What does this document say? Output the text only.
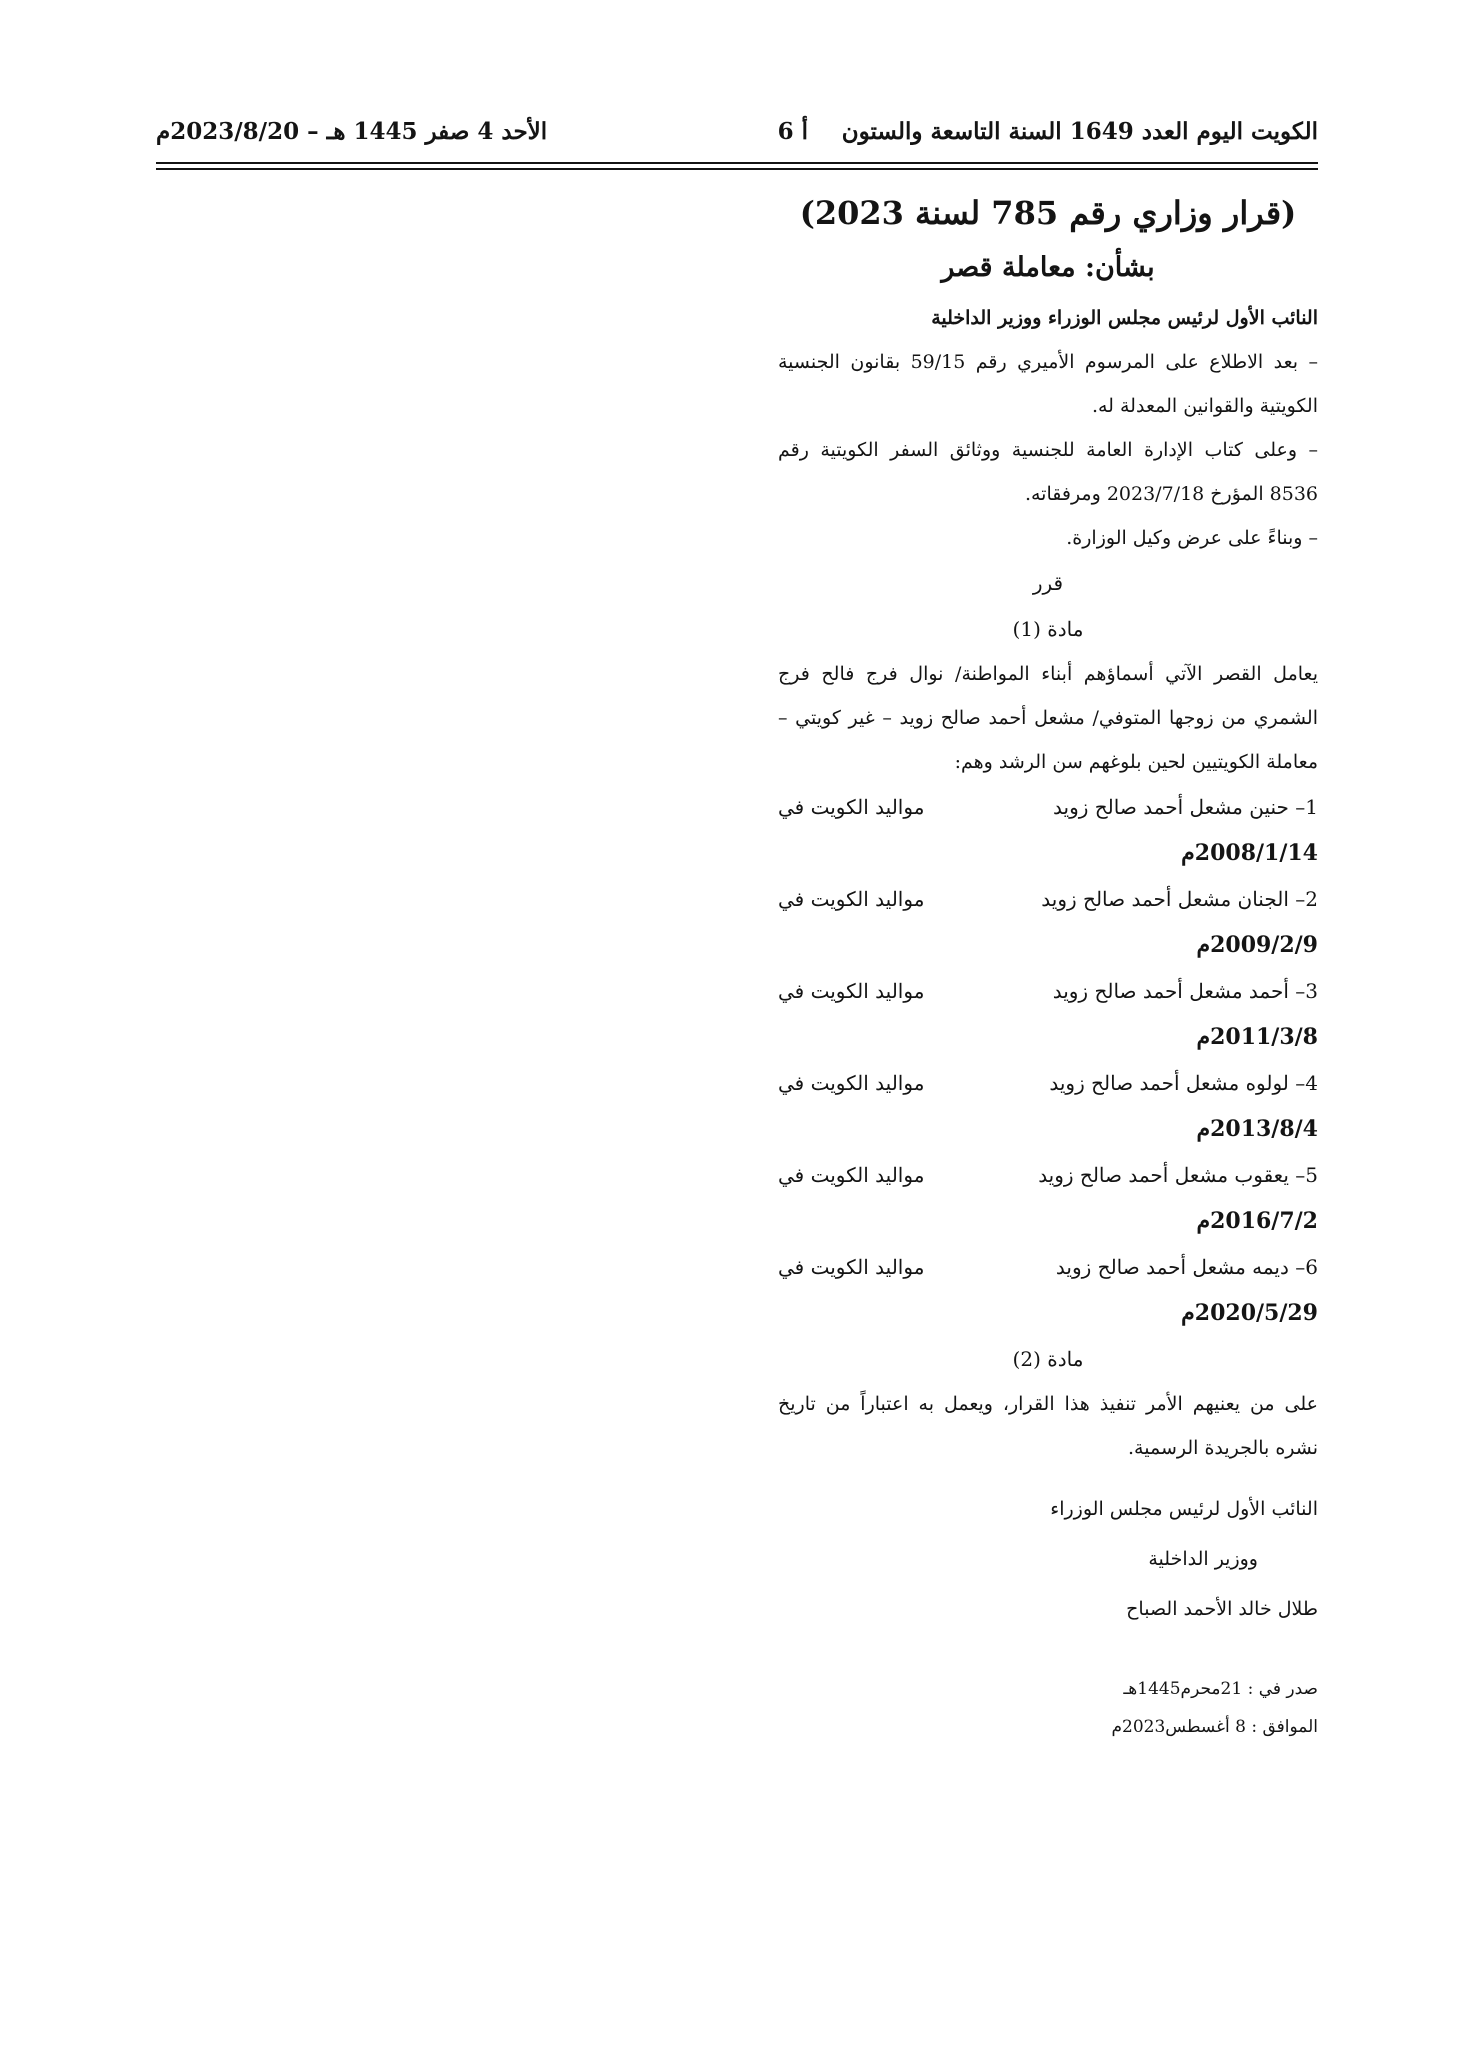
الكويت اليوم العدد 1649 السنة التاسعة والستون
أ 6
الأحد 4 صفر 1445 هـ – 2023/8/20م

(قرار وزاري رقم 785 لسنة 2023)

بشأن: معاملة قصر

النائب الأول لرئيس مجلس الوزراء ووزير الداخلية

– بعد الاطلاع على المرسوم الأميري رقم 59/15 بقانون الجنسية الكويتية والقوانين المعدلة له.

– وعلى كتاب الإدارة العامة للجنسية ووثائق السفر الكويتية رقم 8536 المؤرخ 2023/7/18 ومرفقاته.

– وبناءً على عرض وكيل الوزارة.

قرر

مادة (1)

يعامل القصر الآتي أسماؤهم أبناء المواطنة/ نوال فرج فالح فرج الشمري من زوجها المتوفي/ مشعل أحمد صالح زويد – غير كويتي – معاملة الكويتيين لحين بلوغهم سن الرشد وهم:

1– حنين مشعل أحمد صالح زويد
مواليد الكويت في

2008/1/14م

2– الجنان مشعل أحمد صالح زويد
مواليد الكويت في

2009/2/9م

3– أحمد مشعل أحمد صالح زويد
مواليد الكويت في

2011/3/8م

4– لولوه مشعل أحمد صالح زويد
مواليد الكويت في

2013/8/4م

5– يعقوب مشعل أحمد صالح زويد
مواليد الكويت في

2016/7/2م

6– ديمه مشعل أحمد صالح زويد
مواليد الكويت في

2020/5/29م

مادة (2)

على من يعنيهم الأمر تنفيذ هذا القرار، ويعمل به اعتباراً من تاريخ نشره بالجريدة الرسمية.

النائب الأول لرئيس مجلس الوزراء

ووزير الداخلية

طلال خالد الأحمد الصباح

صدر في : 21محرم1445هـ

الموافق : 8 أغسطس2023م
